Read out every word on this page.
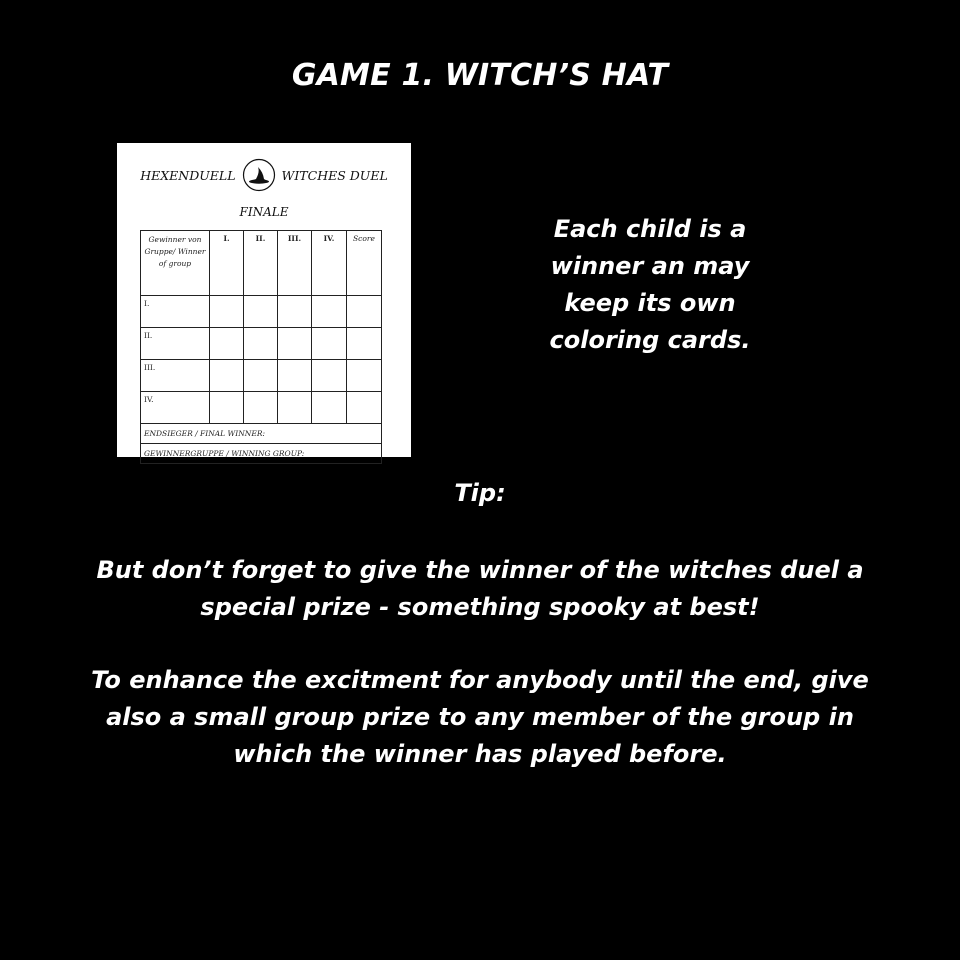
GAME 1. WITCH’S HAT
HEXENDUELL	WITCHES DUEL
FINALE
Gewinner von Gruppe/ Winner of group	I.	II.	III.	IV.	Score
I.					
II.					
III.					
IV.					
ENDSIEGER / FINAL WINNER:					
GEWINNERGRUPPE / WINNING GROUP:					
Each child is a winner an may keep its own coloring cards.
Tip:
But don’t forget to give the winner of the witches duel a special prize - something spooky at best!
To enhance the excitment for anybody until the end, give also a small group prize to any member of the group in which the winner has played before.
